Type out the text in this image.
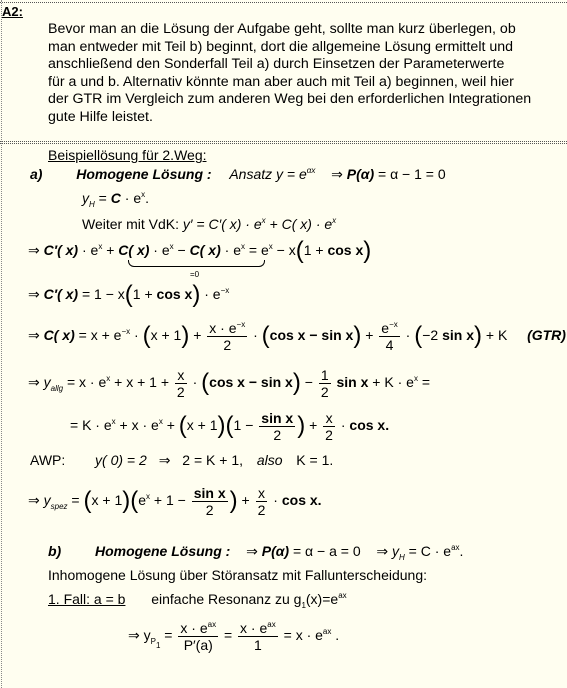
A2:
Bevor man an die Lösung der Aufgabe geht, sollte man kurz überlegen, ob
man entweder mit Teil b) beginnt, dort die allgemeine Lösung ermittelt und
anschließend den Sonderfall Teil a) durch Einsetzen der Parameterwerte
für a und b. Alternativ könnte man aber auch mit Teil a) beginnen, weil hier
der GTR im Vergleich zum anderen Weg bei den erforderlichen Integrationen
gute Hilfe leistet.
Beispiellösung für 2.Weg:
a) Homogene Lösung : Ansatz $y = e^{\alpha x}$ ⇒ P(α) = α − 1 = 0
$y_H = C \cdot e^x$.
Weiter mit VdK: y′ = C′( $x) \cdot e^x + C$( $x) \cdot e^x$
⇒ C′( $x) \cdot e^x + C$( $x) \cdot e^x - C$( $x) \cdot e^x = e^x - x(1 + \cos x)$
=0
⇒ C′( $x) = 1 - x(1 + \cos x) \cdot e^{-x}$
⇒ C( $x) = x + e^{-x} \cdot (x + 1) + \frac{x \cdot e^{-x}}{2} \cdot (\cos$ $x - \sin x) + \frac{e^{-x}}{4} \cdot (-2$ sin x) + K  (GTR)
⇒ $y_{allg} = x \cdot e^x + x + 1 + \frac{x}{2} \cdot (\cos$ $x - \sin x) - \frac{1}{2}$ $\sin x + K \cdot e^x$ =
= $K \cdot e^x + x \cdot e^x + (x + 1)(1 - \frac{\text{sin x}}{2}$ ) + $\frac{x}{2} \cdot \cos x$.
AWP: y( 0) = 2 ⇒ 2 = K + 1,  also  K = 1.
⇒ $y_{spez} = (x + 1)(e^x + 1 - \frac{\text{sin x}}{2}$ ) + $\frac{x}{2} \cdot \cos x$.
b) Homogene Lösung :  ⇒ P(α) = α − a = 0  ⇒ $y_H = C \cdot e^{ax}$.
Inhomogene Lösung über Störansatz mit Fallunterscheidung:
1. Fall: a = b einfache Resonanz zu $g_1(x)=e^{ax}$
⇒ $y_{P_1} = \frac{x \cdot e^{ax}}{P'(a)} = \frac{x \cdot e^{ax}}{1} = x \cdot e^{ax}$ .
